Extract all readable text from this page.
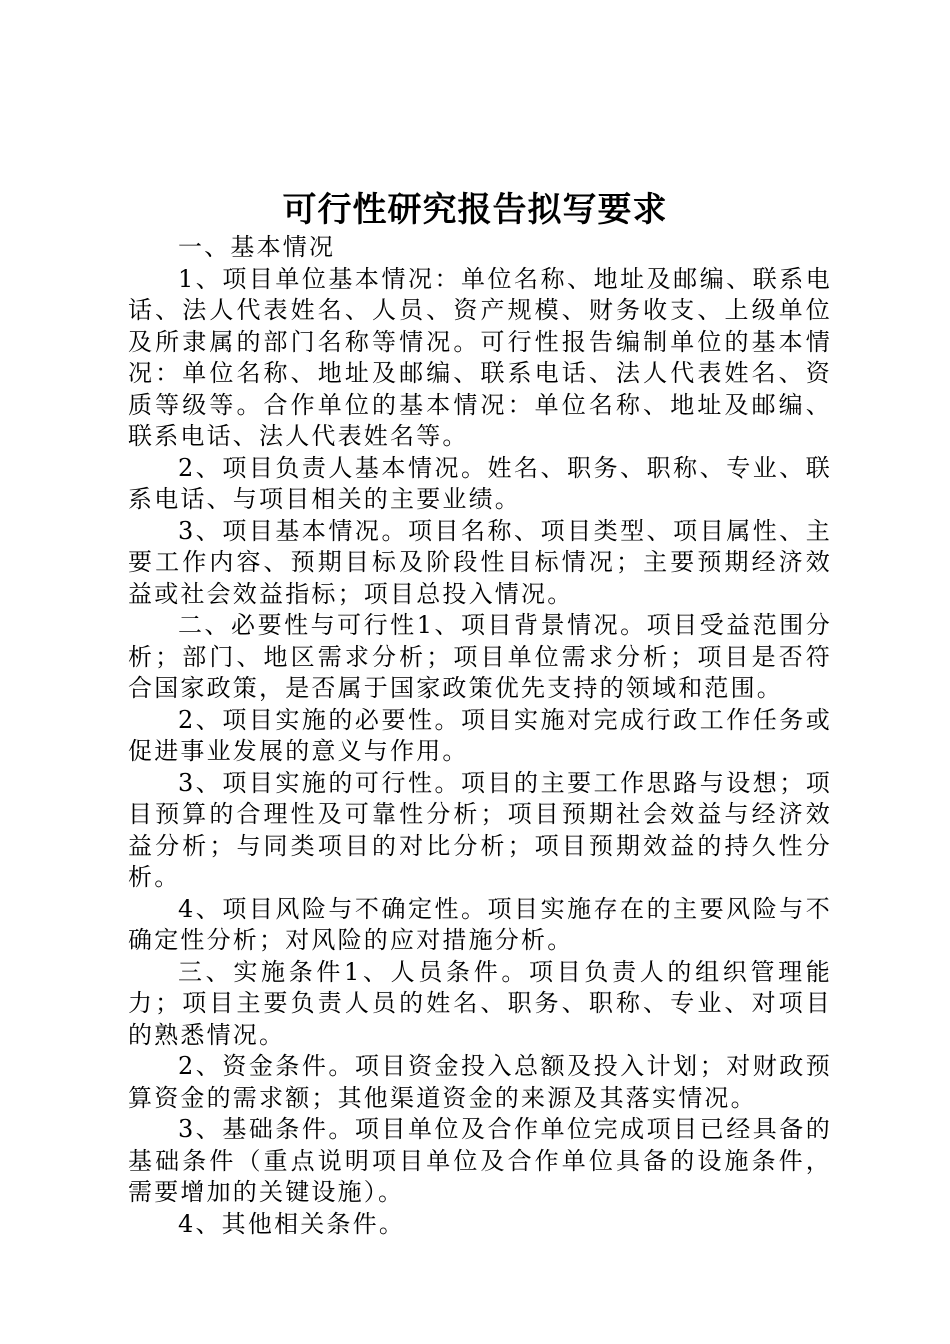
可行性研究报告拟写要求

一、基本情况

1、项目单位基本情况：单位名称、地址及邮编、联系电话、法人代表姓名、人员、资产规模、财务收支、上级单位及所隶属的部门名称等情况。可行性报告编制单位的基本情况：单位名称、地址及邮编、联系电话、法人代表姓名、资质等级等。合作单位的基本情况：单位名称、地址及邮编、联系电话、法人代表姓名等。

2、项目负责人基本情况。姓名、职务、职称、专业、联系电话、与项目相关的主要业绩。

3、项目基本情况。项目名称、项目类型、项目属性、主要工作内容、预期目标及阶段性目标情况；主要预期经济效益或社会效益指标；项目总投入情况。

二、必要性与可行性1、项目背景情况。项目受益范围分析；部门、地区需求分析；项目单位需求分析；项目是否符合国家政策，是否属于国家政策优先支持的领域和范围。

2、项目实施的必要性。项目实施对完成行政工作任务或促进事业发展的意义与作用。

3、项目实施的可行性。项目的主要工作思路与设想；项目预算的合理性及可靠性分析；项目预期社会效益与经济效益分析；与同类项目的对比分析；项目预期效益的持久性分析。

4、项目风险与不确定性。项目实施存在的主要风险与不确定性分析；对风险的应对措施分析。

三、实施条件1、人员条件。项目负责人的组织管理能力；项目主要负责人员的姓名、职务、职称、专业、对项目的熟悉情况。

2、资金条件。项目资金投入总额及投入计划；对财政预算资金的需求额；其他渠道资金的来源及其落实情况。

3、基础条件。项目单位及合作单位完成项目已经具备的基础条件（重点说明项目单位及合作单位具备的设施条件，需要增加的关键设施）。

4、其他相关条件。
